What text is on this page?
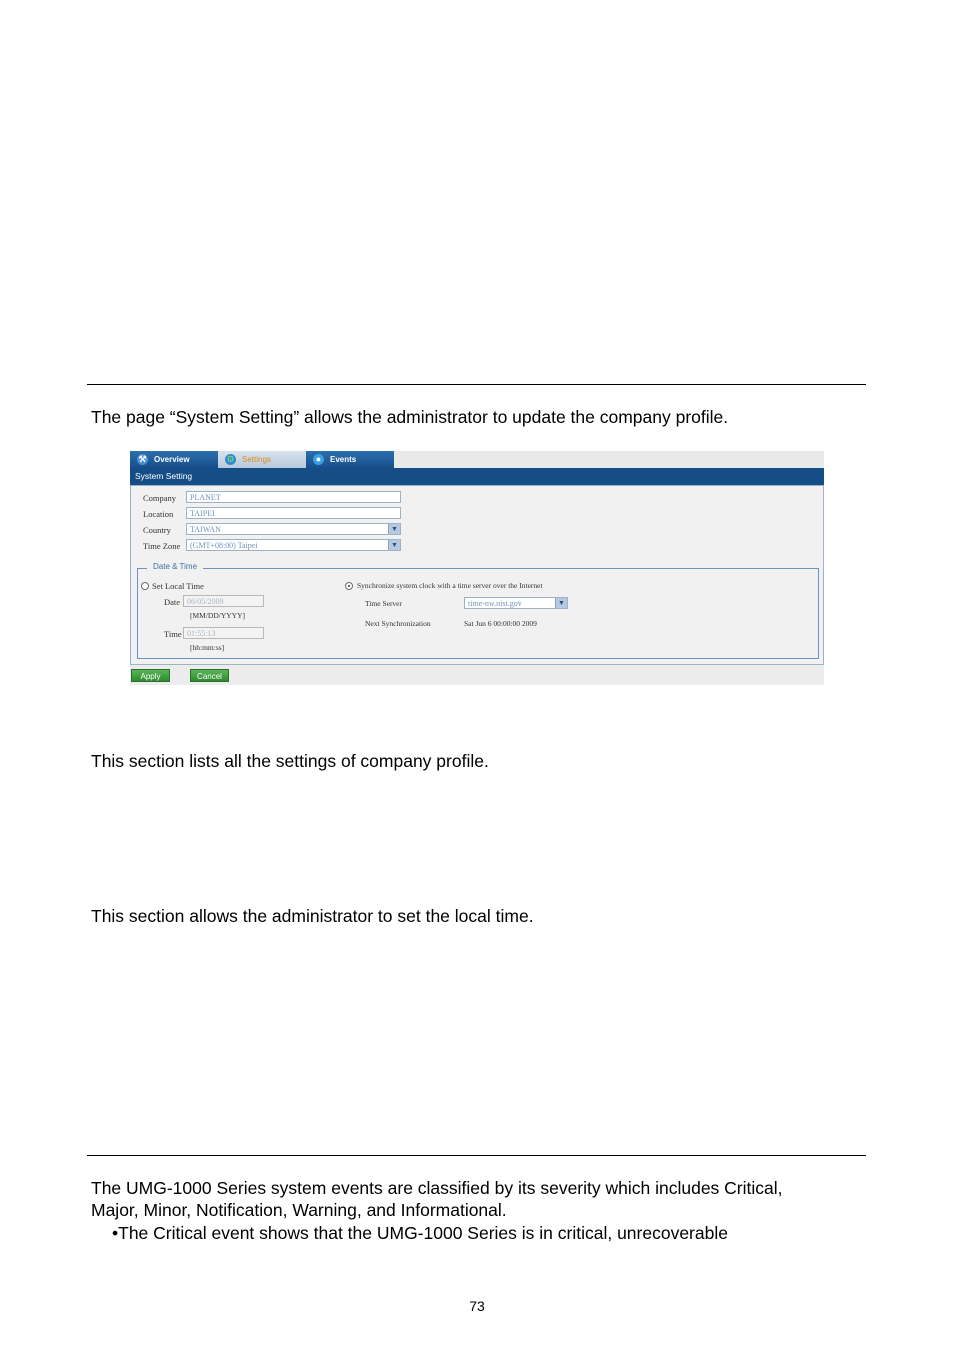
The page “System Setting” allows the administrator to update the company profile.

⚒ Overview	⚙ Settings	●	Events
System Setting
Company	PLANET
Location	TAIPEI
Country	TAIWAN	▼
Time Zone	(GMT+08:00) Taipei	▼
Date & Time
Set Local Time
Date 06/05/2009
[MM/DD/YYYY]
Time 01:55:13
[hh:mm:ss]
Synchronize system clock with a time server over the Internet
Time Server	time-nw.nist.gov	▼
Next Synchronization	Sat Jun 6 00:00:00 2009
Apply	Cancel

This section lists all the settings of company profile.

This section allows the administrator to set the local time.

The UMG-1000 Series system events are classified by its severity which includes Critical,

Major, Minor, Notification, Warning, and Informational.

•The Critical event shows that the UMG-1000 Series is in critical, unrecoverable

73
